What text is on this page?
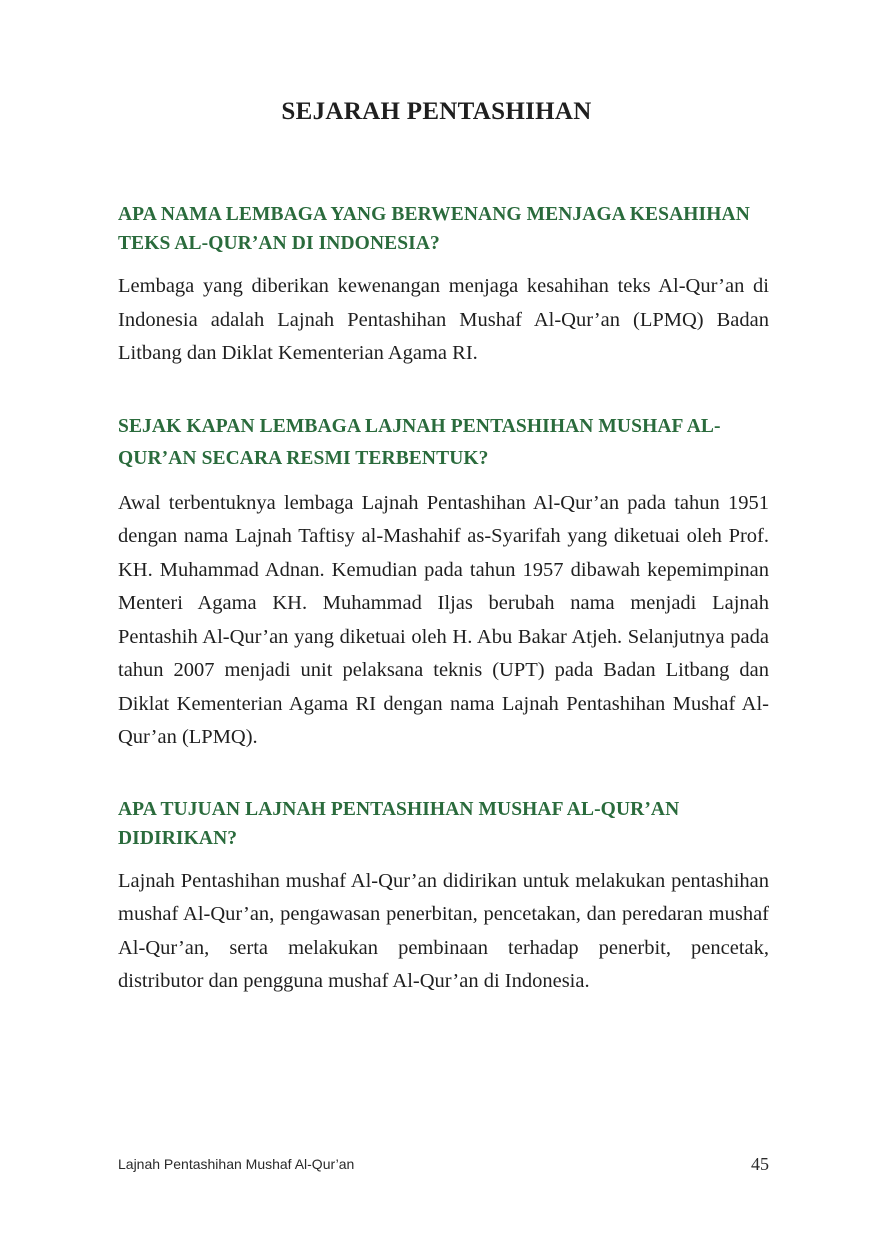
SEJARAH PENTASHIHAN
APA NAMA LEMBAGA YANG BERWENANG MENJAGA KESAHIHAN TEKS AL-QUR’AN DI INDONESIA?

Lembaga yang diberikan kewenangan menjaga kesahihan teks Al-Qur’an di Indonesia adalah Lajnah Pentashihan Mushaf Al-Qur’an (LPMQ) Badan Litbang dan Diklat Kementerian Agama RI.

SEJAK KAPAN LEMBAGA LAJNAH PENTASHIHAN MUSHAF AL-QUR’AN SECARA RESMI TERBENTUK?

Awal terbentuknya lembaga Lajnah Pentashihan Al-Qur’an pada tahun 1951 dengan nama Lajnah Taftisy al-Mashahif as-Syarifah yang diketuai oleh Prof. KH. Muhammad Adnan. Kemudian pada tahun 1957 dibawah kepemimpinan Menteri Agama KH. Muhammad Iljas berubah nama menjadi Lajnah Pentashih Al-Qur’an yang diketuai oleh H. Abu Bakar Atjeh. Selanjutnya pada tahun 2007 menjadi unit pelaksana teknis (UPT) pada Badan Litbang dan Diklat Kementerian Agama RI dengan nama Lajnah Pentashihan Mushaf Al-Qur’an (LPMQ).

APA TUJUAN LAJNAH PENTASHIHAN MUSHAF AL-QUR’AN DIDIRIKAN?

Lajnah Pentashihan mushaf Al-Qur’an didirikan untuk melakukan pentashihan mushaf Al-Qur’an, pengawasan penerbitan, pencetakan, dan peredaran mushaf Al-Qur’an, serta melakukan pembinaan terhadap penerbit, pencetak, distributor dan pengguna mushaf Al-Qur’an di Indonesia.

Lajnah Pentashihan Mushaf Al-Qur’an	45
